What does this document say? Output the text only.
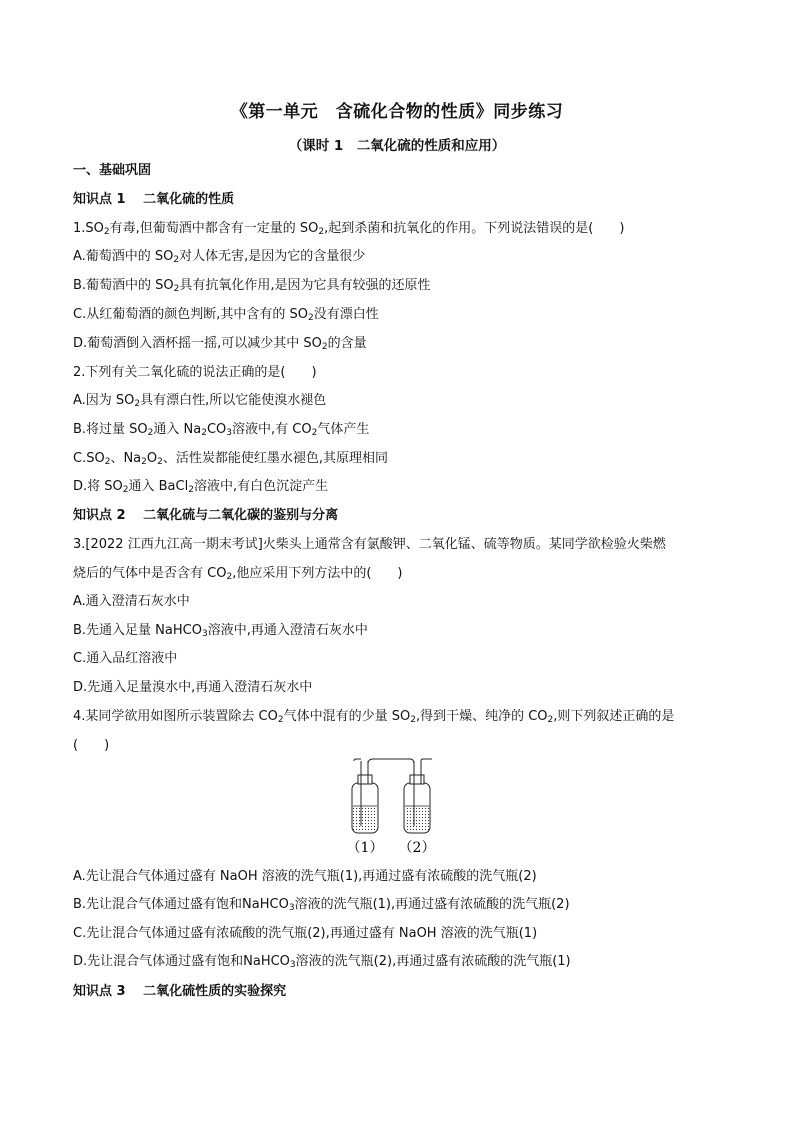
《第一单元　含硫化合物的性质》同步练习
（课时 1　二氧化硫的性质和应用）
一、基础巩固
知识点 1　 二氧化硫的性质
$1.SO_2$有毒,但葡萄酒中都含有一定量的 $SO_2$,起到杀菌和抗氧化的作用。下列说法错误的是(　　)
A.葡萄酒中的 $SO_2$对人体无害,是因为它的含量很少
B.葡萄酒中的 $SO_2$具有抗氧化作用,是因为它具有较强的还原性
C.从红葡萄酒的颜色判断,其中含有的 $SO_2$没有漂白性
D.葡萄酒倒入酒杯摇一摇,可以减少其中 $SO_2$的含量
2.下列有关二氧化硫的说法正确的是(　　)
A.因为 $SO_2$具有漂白性,所以它能使溴水褪色
B.将过量 $SO_2$通入 $Na_2CO_3$溶液中,有 $CO_2$气体产生
$C.SO_2$、$Na_2O_2$、活性炭都能使红墨水褪色,其原理相同
D.将 $SO_2$通入 BaCl$_2$溶液中,有白色沉淀产生
知识点 2　 二氧化硫与二氧化碳的鉴别与分离
3.[2022 江西九江高一期末考试]火柴头上通常含有氯酸钾、二氧化锰、硫等物质。某同学欲检验火柴燃
烧后的气体中是否含有 $CO_2$,他应采用下列方法中的(　　)
A.通入澄清石灰水中
B.先通入足量 NaHCO$_3$溶液中,再通入澄清石灰水中
C.通入品红溶液中
D.先通入足量溴水中,再通入澄清石灰水中
4.某同学欲用如图所示装置除去 $CO_2$气体中混有的少量 $SO_2$,得到干燥、纯净的 $CO_2$,则下列叙述正确的是
(　　)
（1） （2）
A.先让混合气体通过盛有 NaOH 溶液的洗气瓶(1),再通过盛有浓硫酸的洗气瓶(2)
B.先让混合气体通过盛有饱和NaHCO$_3$溶液的洗气瓶(1),再通过盛有浓硫酸的洗气瓶(2)
C.先让混合气体通过盛有浓硫酸的洗气瓶(2),再通过盛有 NaOH 溶液的洗气瓶(1)
D.先让混合气体通过盛有饱和NaHCO$_3$溶液的洗气瓶(2),再通过盛有浓硫酸的洗气瓶(1)
知识点 3　 二氧化硫性质的实验探究
